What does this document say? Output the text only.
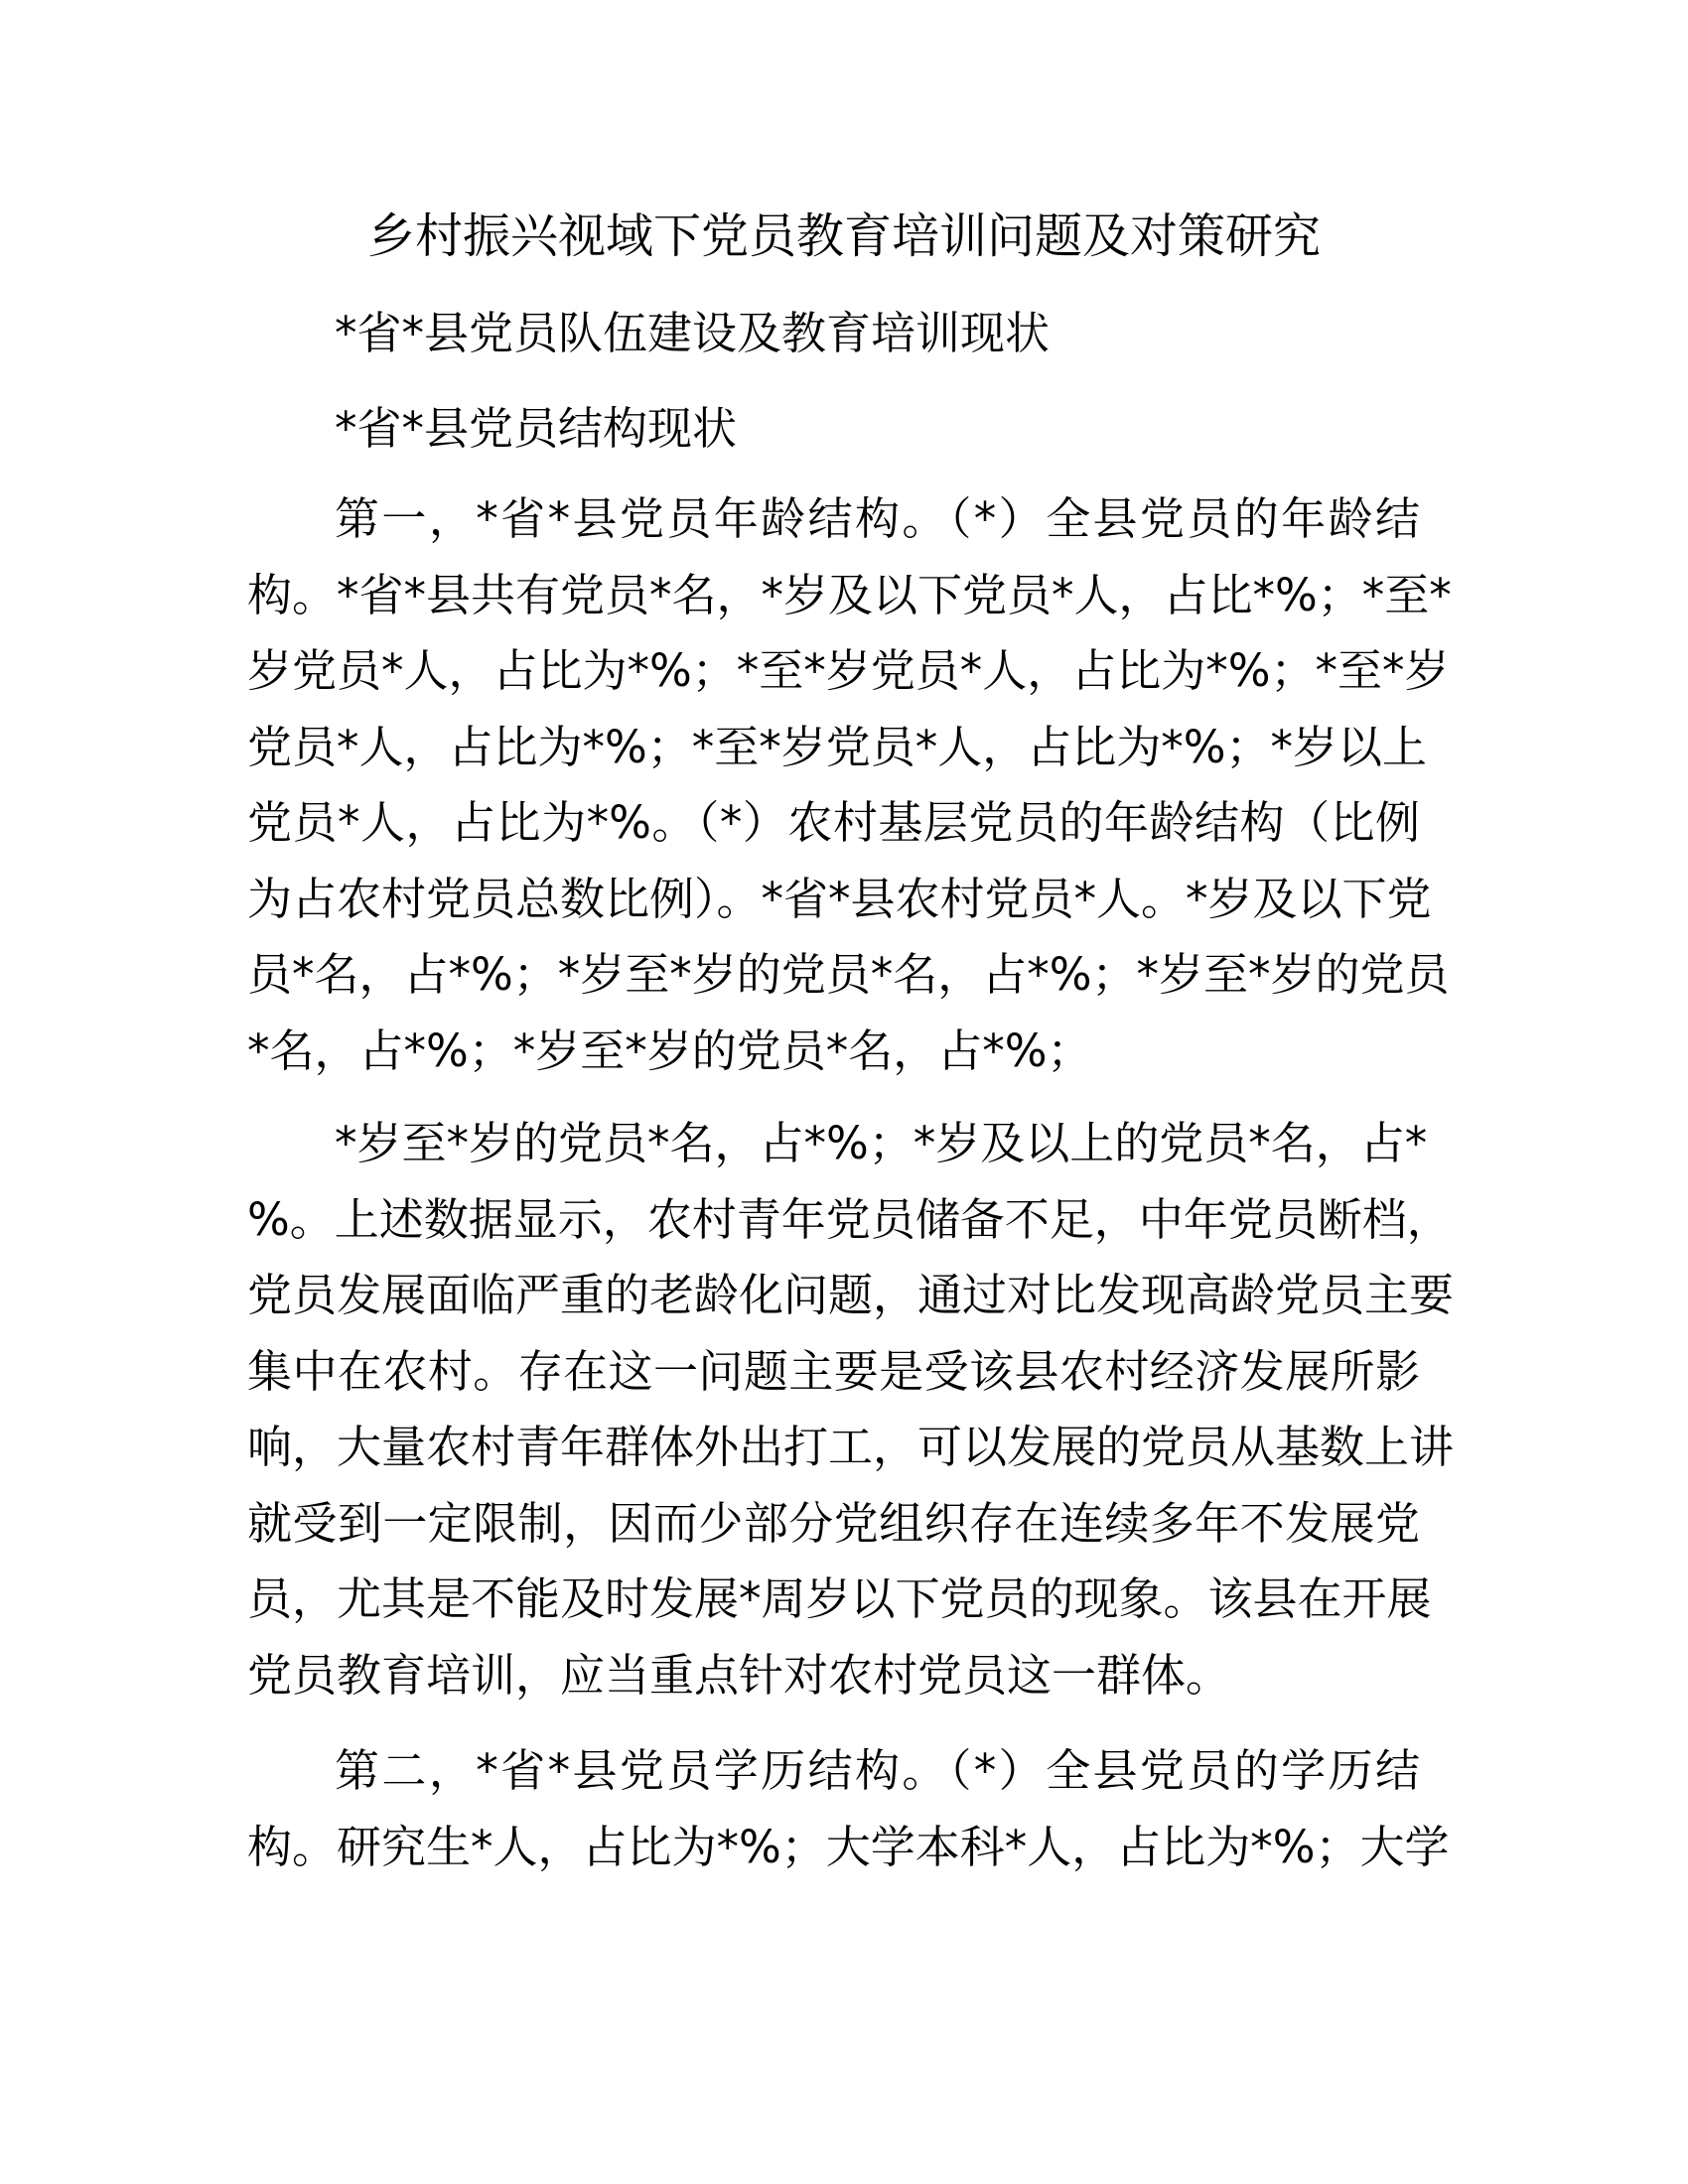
乡村振兴视域下党员教育培训问题及对策研究
*省*县党员队伍建设及教育培训现状
*省*县党员结构现状
第一，*省*县党员年龄结构。（*）全县党员的年龄结
构。*省*县共有党员*名，*岁及以下党员*人，占比*%；*至*
岁党员*人，占比为*%；*至*岁党员*人，占比为*%；*至*岁
党员*人，占比为*%；*至*岁党员*人，占比为*%；*岁以上
党员*人，占比为*%。（*）农村基层党员的年龄结构（比例
为占农村党员总数比例）。*省*县农村党员*人。*岁及以下党
员*名，占*%；*岁至*岁的党员*名，占*%；*岁至*岁的党员
*名，占*%；*岁至*岁的党员*名，占*%；
*岁至*岁的党员*名，占*%；*岁及以上的党员*名，占*
%。上述数据显示，农村青年党员储备不足，中年党员断档，
党员发展面临严重的老龄化问题，通过对比发现高龄党员主要
集中在农村。存在这一问题主要是受该县农村经济发展所影
响，大量农村青年群体外出打工，可以发展的党员从基数上讲
就受到一定限制，因而少部分党组织存在连续多年不发展党
员，尤其是不能及时发展*周岁以下党员的现象。该县在开展
党员教育培训，应当重点针对农村党员这一群体。
第二，*省*县党员学历结构。（*）全县党员的学历结
构。研究生*人，占比为*%；大学本科*人，占比为*%；大学
